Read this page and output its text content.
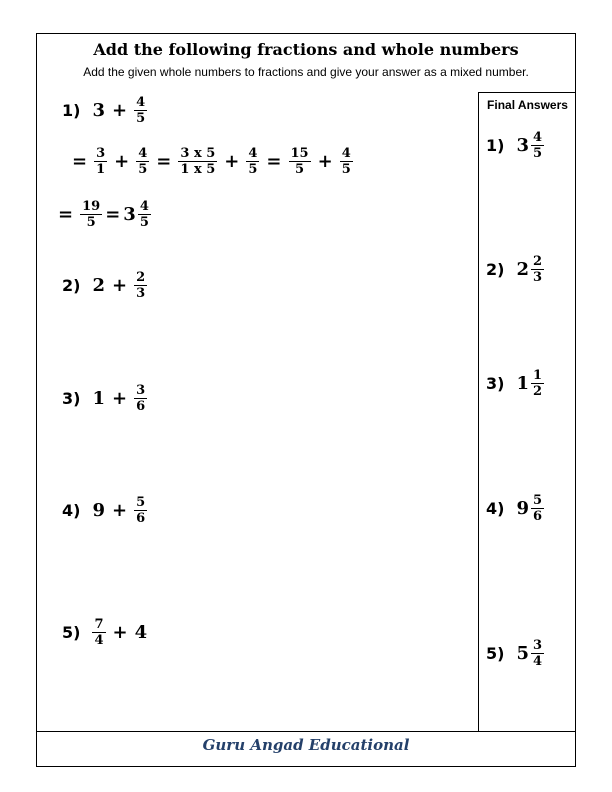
Add the following fractions and whole numbers
Add the given whole numbers to fractions and give your answer as a mixed number.
1) $3 + \frac{4}{5}$
= $\frac{3}{1} + \frac{4}{5} = \frac{3 x 5}{1 x 5} + \frac{4}{5} = \frac{15}{5} + \frac{4}{5}$
= $\frac{19}{5} = 3 \frac{4}{5}$
2) $2 + \frac{2}{3}$
3) $1 + \frac{3}{6}$
4) $9 + \frac{5}{6}$
$5) \frac{7}{4} + 4$
Final Answers
1) $3 \frac{4}{5}$
2) $2 \frac{2}{3}$
3) $1 \frac{1}{2}$
4) $9 \frac{5}{6}$
5) $5 \frac{3}{4}$
Guru Angad Educational
